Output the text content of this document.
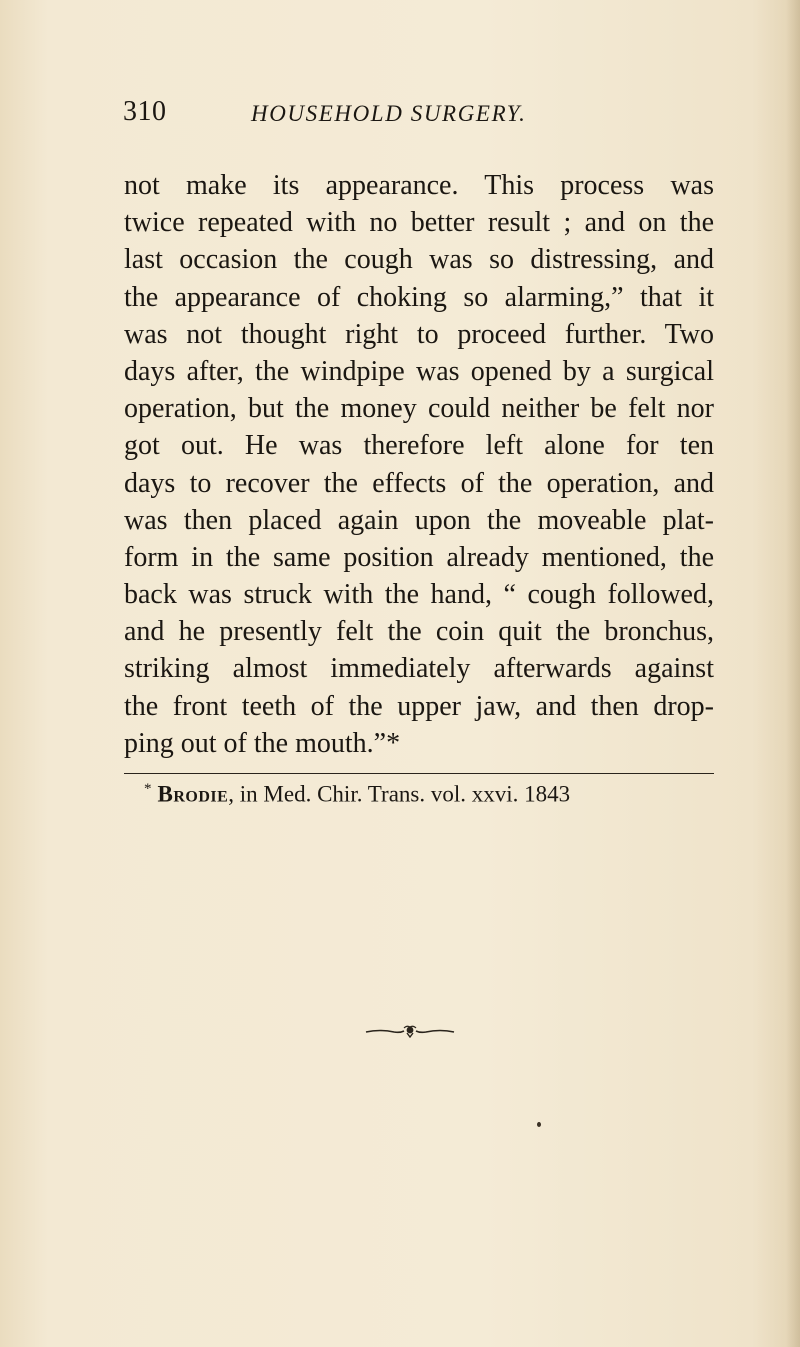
310	HOUSEHOLD SURGERY.
not make its appearance. This process was
twice repeated with no better result ; and on the
last occasion the cough was so distressing, and
the appearance of choking so alarming,” that it
was not thought right to proceed further. Two
days after, the windpipe was opened by a surgical
operation, but the money could neither be felt nor
got out. He was therefore left alone for ten
days to recover the effects of the operation, and
was then placed again upon the moveable plat-
form in the same position already mentioned, the
back was struck with the hand, “ cough followed,
and he presently felt the coin quit the bronchus,
striking almost immediately afterwards against
the front teeth of the upper jaw, and then drop-
ping out of the mouth.”*
* Brodie, in Med. Chir. Trans. vol. xxvi. 1843
